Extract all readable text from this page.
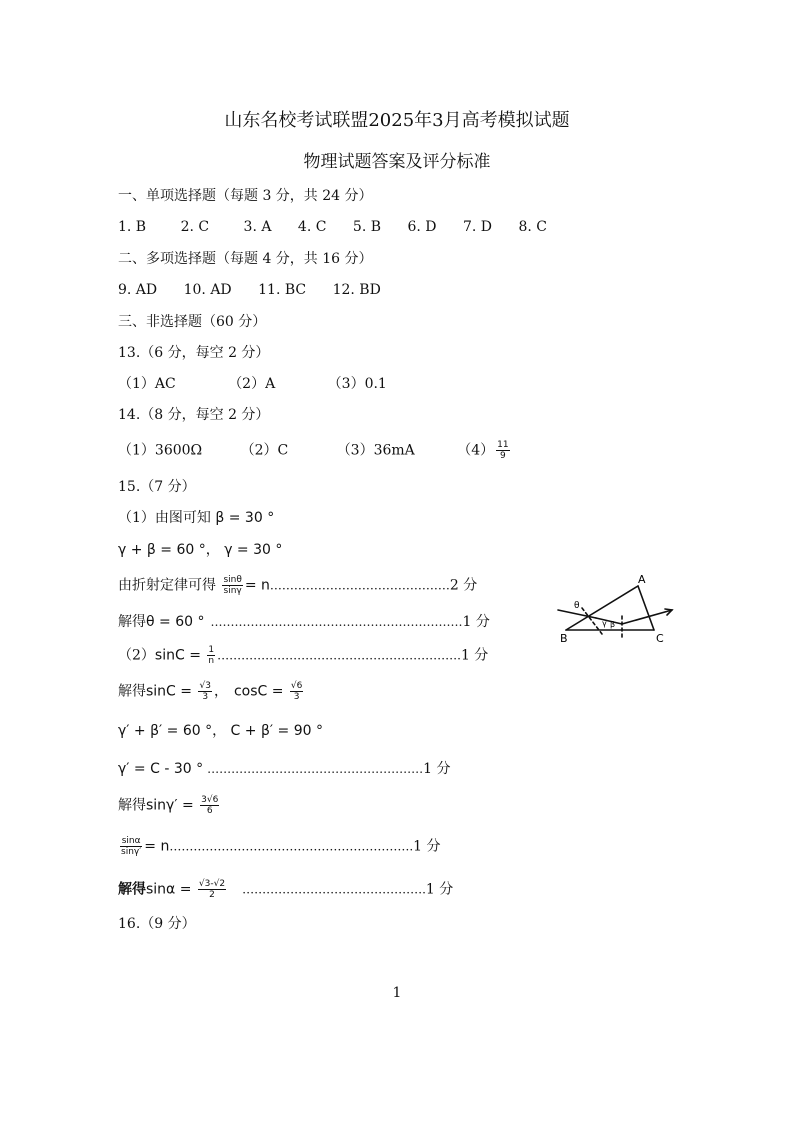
山东名校考试联盟2025年3月高考模拟试题
物理试题答案及评分标准
一、单项选择题（每题 3 分，共 24 分）
1. B 2. C 3. A 4. C 5. B 6. D 7. D 8. C
二、多项选择题（每题 4 分，共 16 分）
9. AD 10. AD 11. BC 12. BD
三、非选择题（60 分）
13.（6 分，每空 2 分）
（1）AC	（2）A	（3）0.1
14.（8 分，每空 2 分）
（1）3600Ω	（2）C	（3）36mA	$(4) \frac{11}{9}$
15.（7 分）
（1）由图可知 β = 30 °
γ + β = 60 °， γ = 30 °
由折射定律可得 $\frac{\sin\theta}{\sin\gamma}$ = n………………………………………2 分
解得θ = 60 ° ………………………………………………………1 分
$(2)\sin C = \frac{1}{n}$ …………………………………………………….1 分
解得$\sin C = \frac{√3}{3}$ ， $\cos C = \frac{√6}{3}$
γ′ + β′ = 60 °， C + β′ = 90 °
γ′ = C - 30 ° ………………………………………………1 分
解得$\sin\gamma' = \frac{3√6}{6}$
$\frac{\sin\alpha}{\sin\gamma'}$ = n…………………………………………………….1 分
解得$\sin\alpha = \frac{√3-√2}{2}$ ……………………………………….1 分
A
B	C
θ
γ β
16.（9 分）
1
